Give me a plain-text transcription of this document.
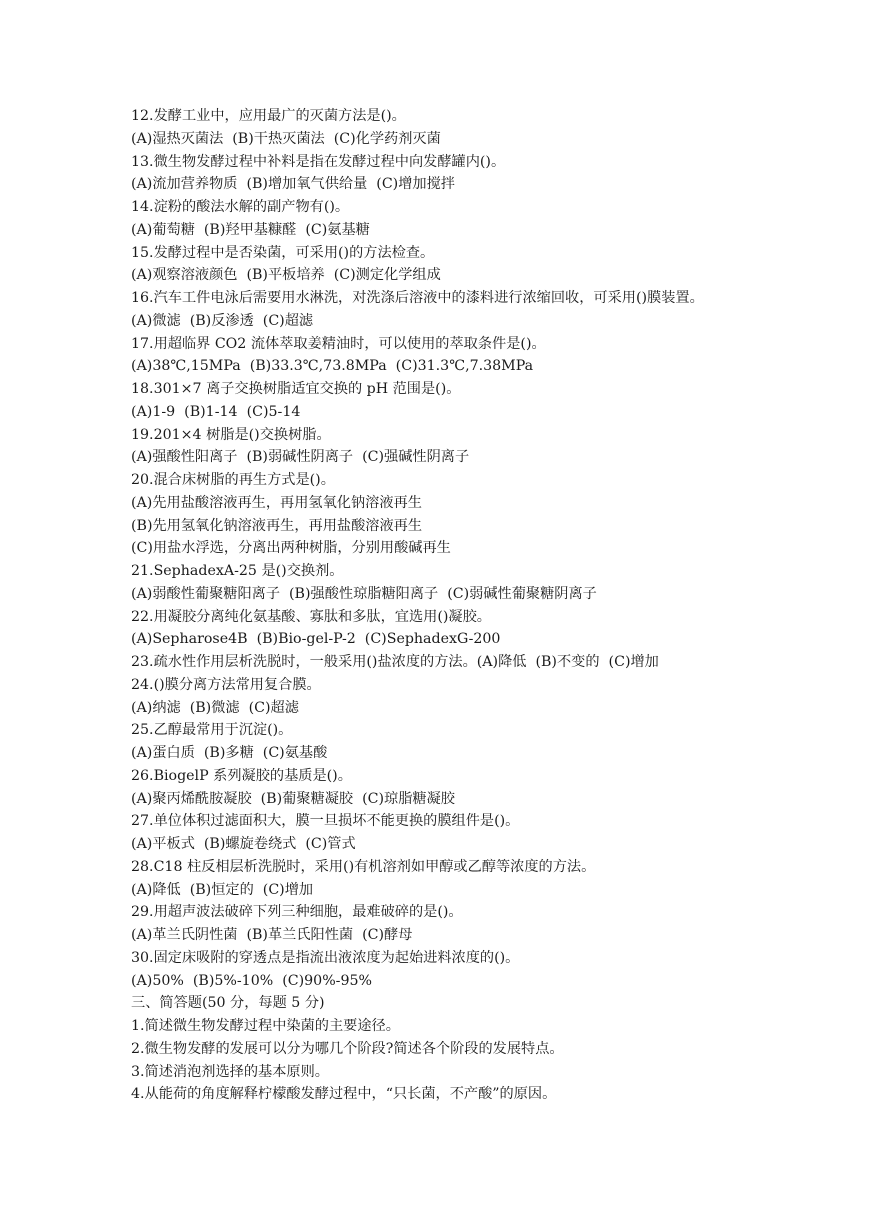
12.发酵工业中，应用最广的灭菌方法是()。
(A)湿热灭菌法  (B)干热灭菌法  (C)化学药剂灭菌
13.微生物发酵过程中补料是指在发酵过程中向发酵罐内()。
(A)流加营养物质  (B)增加氧气供给量  (C)增加搅拌
14.淀粉的酸法水解的副产物有()。
(A)葡萄糖  (B)羟甲基糠醛  (C)氨基糖
15.发酵过程中是否染菌，可采用()的方法检查。
(A)观察溶液颜色  (B)平板培养  (C)测定化学组成
16.汽车工件电泳后需要用水淋洗，对洗涤后溶液中的漆料进行浓缩回收，可采用()膜装置。
(A)微滤  (B)反渗透  (C)超滤
17.用超临界 CO2 流体萃取姜精油时，可以使用的萃取条件是()。
(A)38℃,15MPa  (B)33.3℃,73.8MPa  (C)31.3℃,7.38MPa
18.301×7 离子交换树脂适宜交换的 pH 范围是()。
(A)1-9  (B)1-14  (C)5-14
19.201×4 树脂是()交换树脂。
(A)强酸性阳离子  (B)弱碱性阴离子  (C)强碱性阴离子
20.混合床树脂的再生方式是()。
(A)先用盐酸溶液再生，再用氢氧化钠溶液再生
(B)先用氢氧化钠溶液再生，再用盐酸溶液再生
(C)用盐水浮选，分离出两种树脂，分别用酸碱再生
21.SephadexA-25 是()交换剂。
(A)弱酸性葡聚糖阳离子  (B)强酸性琼脂糖阳离子  (C)弱碱性葡聚糖阴离子
22.用凝胶分离纯化氨基酸、寡肽和多肽，宜选用()凝胶。
(A)Sepharose4B  (B)Bio-gel-P-2  (C)SephadexG-200
23.疏水性作用层析洗脱时，一般采用()盐浓度的方法。(A)降低  (B)不变的  (C)增加
24.()膜分离方法常用复合膜。
(A)纳滤  (B)微滤  (C)超滤
25.乙醇最常用于沉淀()。
(A)蛋白质  (B)多糖  (C)氨基酸
26.BiogelP 系列凝胶的基质是()。
(A)聚丙烯酰胺凝胶  (B)葡聚糖凝胶  (C)琼脂糖凝胶
27.单位体积过滤面积大，膜一旦损坏不能更换的膜组件是()。
(A)平板式  (B)螺旋卷绕式  (C)管式
28.C18 柱反相层析洗脱时，采用()有机溶剂如甲醇或乙醇等浓度的方法。
(A)降低  (B)恒定的  (C)增加
29.用超声波法破碎下列三种细胞，最难破碎的是()。
(A)革兰氏阴性菌  (B)革兰氏阳性菌  (C)酵母
30.固定床吸附的穿透点是指流出液浓度为起始进料浓度的()。
(A)50%  (B)5%-10%  (C)90%-95%
三、简答题(50 分，每题 5 分)
1.简述微生物发酵过程中染菌的主要途径。
2.微生物发酵的发展可以分为哪几个阶段?简述各个阶段的发展特点。
3.简述消泡剂选择的基本原则。
4.从能荷的角度解释柠檬酸发酵过程中，“只长菌，不产酸”的原因。
